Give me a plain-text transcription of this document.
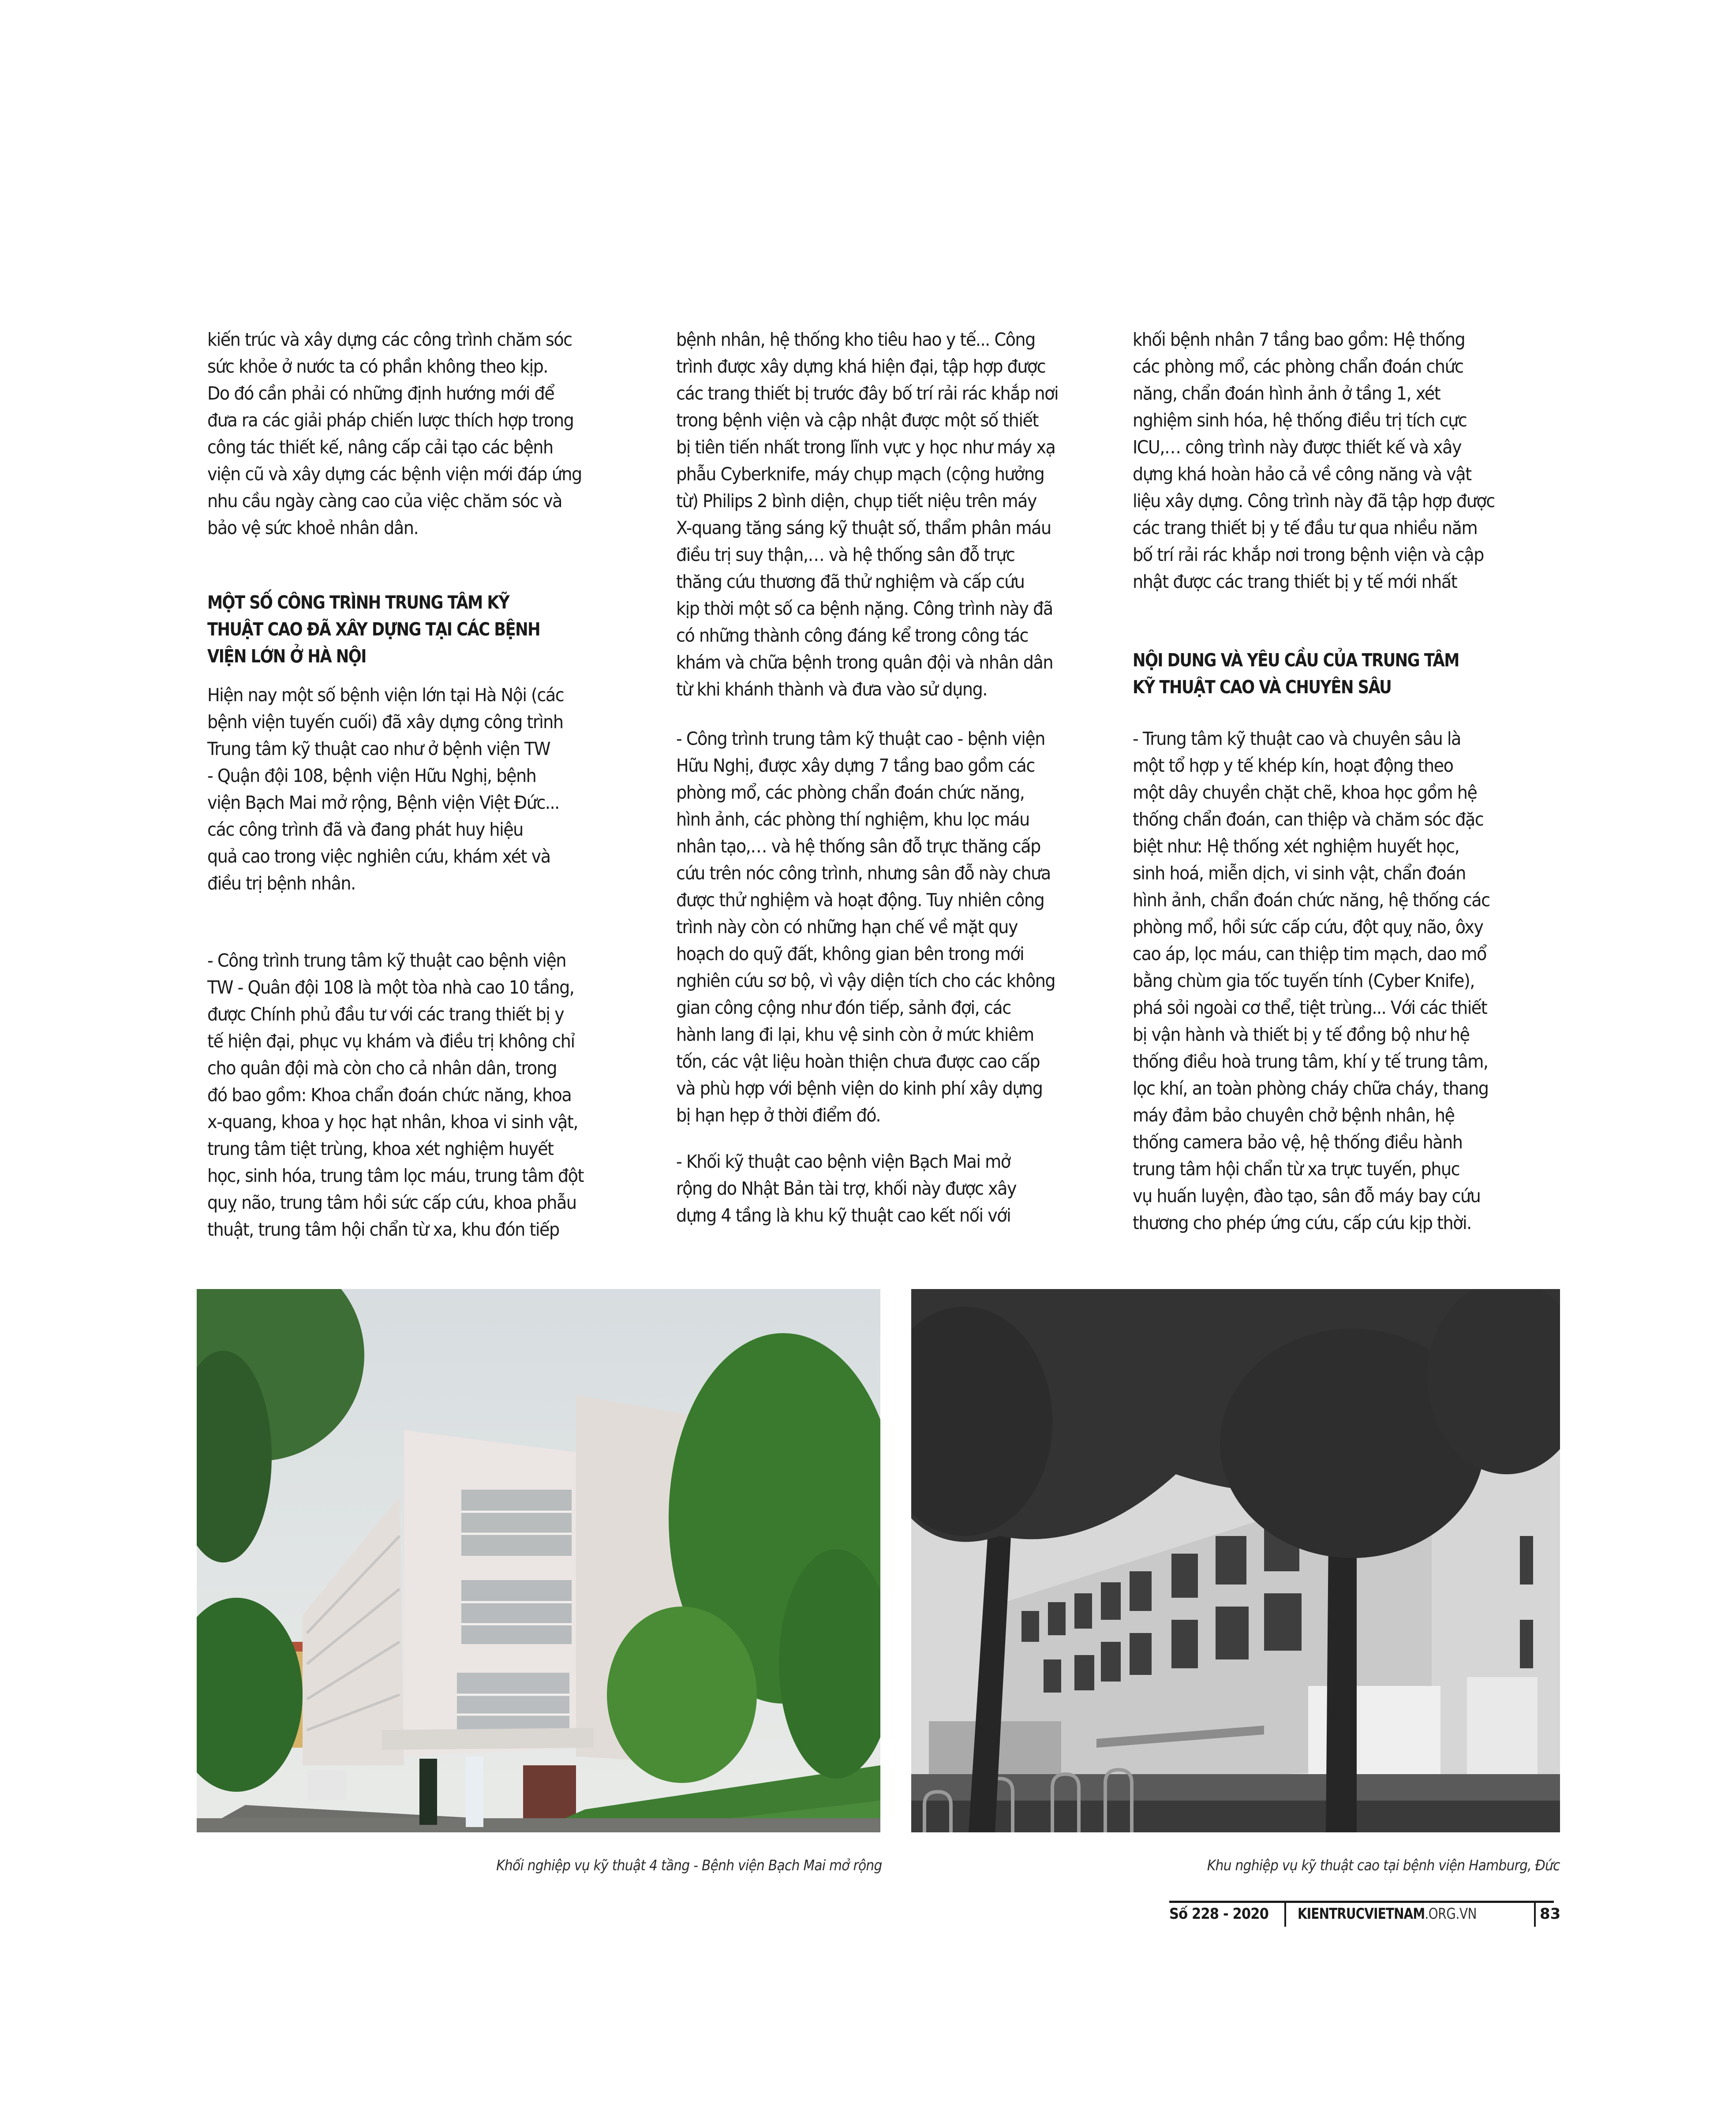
kiến trúc và xây dựng các công trình chăm sóc
sức khỏe ở nước ta có phần không theo kịp.
Do đó cần phải có những định hướng mới để
đưa ra các giải pháp chiến lược thích hợp trong
công tác thiết kế, nâng cấp cải tạo các bệnh
viện cũ và xây dựng các bệnh viện mới đáp ứng
nhu cầu ngày càng cao của việc chăm sóc và
bảo vệ sức khoẻ nhân dân.
MỘT SỐ CÔNG TRÌNH TRUNG TÂM KỸ
THUẬT CAO ĐÃ XÂY DỰNG TẠI CÁC BỆNH
VIỆN LỚN Ở HÀ NỘI
Hiện nay một số bệnh viện lớn tại Hà Nội (các
bệnh viện tuyến cuối) đã xây dựng công trình
Trung tâm kỹ thuật cao như ở bệnh viện TW
- Quận đội 108, bệnh viện Hữu Nghị, bệnh
viện Bạch Mai mở rộng, Bệnh viện Việt Đức...
các công trình đã và đang phát huy hiệu
quả cao trong việc nghiên cứu, khám xét và
điều trị bệnh nhân.
- Công trình trung tâm kỹ thuật cao bệnh viện
TW - Quân đội 108 là một tòa nhà cao 10 tầng,
được Chính phủ đầu tư với các trang thiết bị y
tế hiện đại, phục vụ khám và điều trị không chỉ
cho quân đội mà còn cho cả nhân dân, trong
đó bao gồm: Khoa chẩn đoán chức năng, khoa
x-quang, khoa y học hạt nhân, khoa vi sinh vật,
trung tâm tiệt trùng, khoa xét nghiệm huyết
học, sinh hóa, trung tâm lọc máu, trung tâm đột
quỵ não, trung tâm hồi sức cấp cứu, khoa phẫu
thuật, trung tâm hội chẩn từ xa, khu đón tiếp
bệnh nhân, hệ thống kho tiêu hao y tế... Công
trình được xây dựng khá hiện đại, tập hợp được
các trang thiết bị trước đây bố trí rải rác khắp nơi
trong bệnh viện và cập nhật được một số thiết
bị tiên tiến nhất trong lĩnh vực y học như máy xạ
phẫu Cyberknife, máy chụp mạch (cộng hưởng
từ) Philips 2 bình diện, chụp tiết niệu trên máy
X-quang tăng sáng kỹ thuật số, thẩm phân máu
điều trị suy thận,… và hệ thống sân đỗ trực
thăng cứu thương đã thử nghiệm và cấp cứu
kịp thời một số ca bệnh nặng. Công trình này đã
có những thành công đáng kể trong công tác
khám và chữa bệnh trong quân đội và nhân dân
từ khi khánh thành và đưa vào sử dụng.
- Công trình trung tâm kỹ thuật cao - bệnh viện
Hữu Nghị, được xây dựng 7 tầng bao gồm các
phòng mổ, các phòng chẩn đoán chức năng,
hình ảnh, các phòng thí nghiệm, khu lọc máu
nhân tạo,… và hệ thống sân đỗ trực thăng cấp
cứu trên nóc công trình, nhưng sân đỗ này chưa
được thử nghiệm và hoạt động. Tuy nhiên công
trình này còn có những hạn chế về mặt quy
hoạch do quỹ đất, không gian bên trong mới
nghiên cứu sơ bộ, vì vậy diện tích cho các không
gian công cộng như đón tiếp, sảnh đợi, các
hành lang đi lại, khu vệ sinh còn ở mức khiêm
tốn, các vật liệu hoàn thiện chưa được cao cấp
và phù hợp với bệnh viện do kinh phí xây dựng
bị hạn hẹp ở thời điểm đó.
- Khối kỹ thuật cao bệnh viện Bạch Mai mở
rộng do Nhật Bản tài trợ, khối này được xây
dựng 4 tầng là khu kỹ thuật cao kết nối với
khối bệnh nhân 7 tầng bao gồm: Hệ thống
các phòng mổ, các phòng chẩn đoán chức
năng, chẩn đoán hình ảnh ở tầng 1, xét
nghiệm sinh hóa, hệ thống điều trị tích cực
ICU,… công trình này được thiết kế và xây
dựng khá hoàn hảo cả về công năng và vật
liệu xây dựng. Công trình này đã tập hợp được
các trang thiết bị y tế đầu tư qua nhiều năm
bố trí rải rác khắp nơi trong bệnh viện và cập
nhật được các trang thiết bị y tế mới nhất
NỘI DUNG VÀ YÊU CẦU CỦA TRUNG TÂM
KỸ THUẬT CAO VÀ CHUYÊN SÂU
- Trung tâm kỹ thuật cao và chuyên sâu là
một tổ hợp y tế khép kín, hoạt động theo
một dây chuyền chặt chẽ, khoa học gồm hệ
thống chẩn đoán, can thiệp và chăm sóc đặc
biệt như: Hệ thống xét nghiệm huyết học,
sinh hoá, miễn dịch, vi sinh vật, chẩn đoán
hình ảnh, chẩn đoán chức năng, hệ thống các
phòng mổ, hồi sức cấp cứu, đột quỵ não, ôxy
cao áp, lọc máu, can thiệp tim mạch, dao mổ
bằng chùm gia tốc tuyến tính (Cyber Knife),
phá sỏi ngoài cơ thể, tiệt trùng... Với các thiết
bị vận hành và thiết bị y tế đồng bộ như hệ
thống điều hoà trung tâm, khí y tế trung tâm,
lọc khí, an toàn phòng cháy chữa cháy, thang
máy đảm bảo chuyên chở bệnh nhân, hệ
thống camera bảo vệ, hệ thống điều hành
trung tâm hội chẩn từ xa trực tuyến, phục
vụ huấn luyện, đào tạo, sân đỗ máy bay cứu
thương cho phép ứng cứu, cấp cứu kịp thời.
Khối nghiệp vụ kỹ thuật 4 tầng - Bệnh viện Bạch Mai mở rộng	Khu nghiệp vụ kỹ thuật cao tại bệnh viện Hamburg, Đức
Số 228 - 2020 KIENTRUCVIETNAM.ORG.VN	83
